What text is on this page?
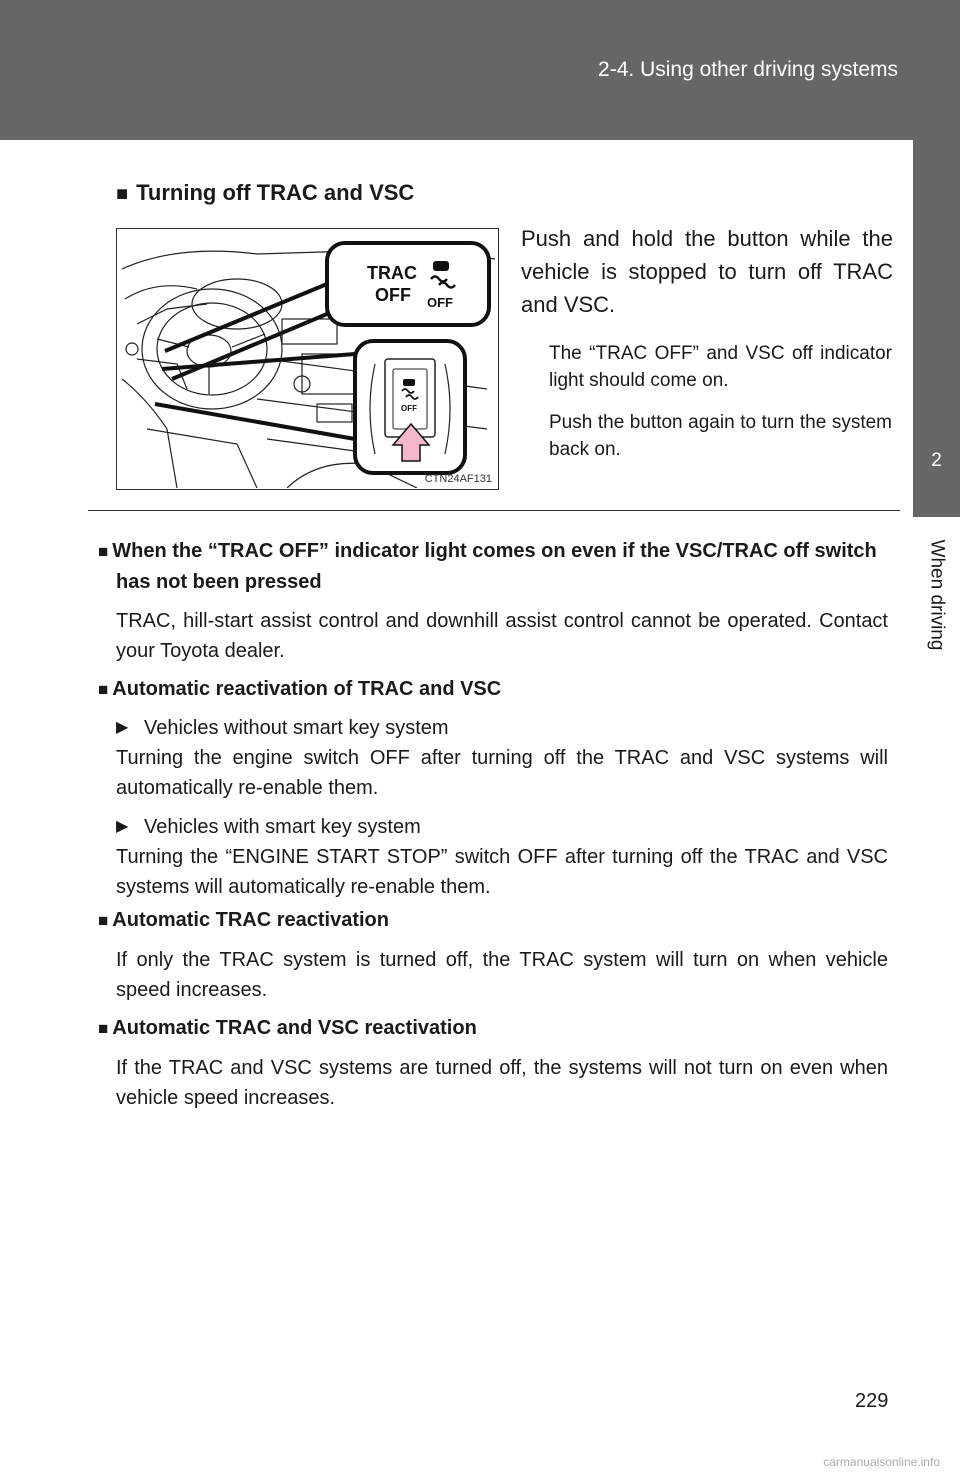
2-4. Using other driving systems
2
When driving
■ Turning off TRAC and VSC
TRAC
OFF OFF
OFF
CTN24AF131
Push and hold the button while the vehicle is stopped to turn off TRAC and VSC.
The “TRAC OFF” and VSC off indicator light should come on.
Push the button again to turn the system back on.
■ When the “TRAC OFF” indicator light comes on even if the VSC/TRAC off switch has not been pressed
TRAC, hill-start assist control and downhill assist control cannot be operated. Contact your Toyota dealer.
■ Automatic reactivation of TRAC and VSC
▶ Vehicles without smart key system
Turning the engine switch OFF after turning off the TRAC and VSC systems will automatically re-enable them.
▶ Vehicles with smart key system
Turning the “ENGINE START STOP” switch OFF after turning off the TRAC and VSC systems will automatically re-enable them.
■ Automatic TRAC reactivation
If only the TRAC system is turned off, the TRAC system will turn on when vehicle speed increases.
■ Automatic TRAC and VSC reactivation
If the TRAC and VSC systems are turned off, the systems will not turn on even when vehicle speed increases.
229
carmanualsonline.info
